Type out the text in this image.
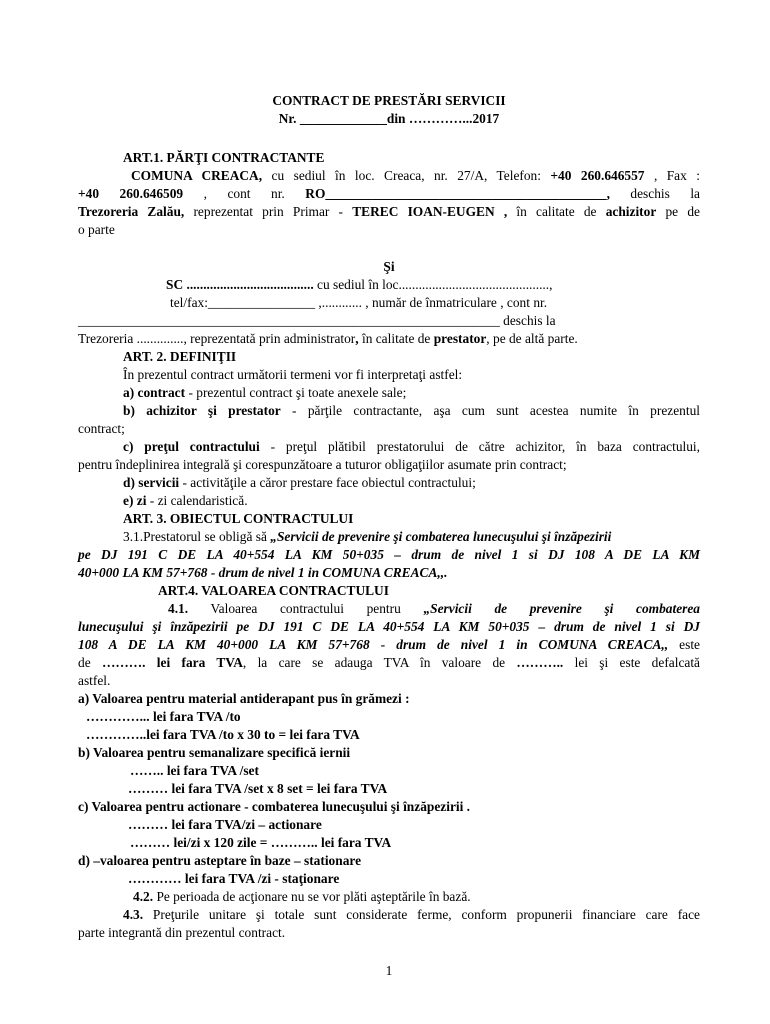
CONTRACT DE PRESTĂRI SERVICII
Nr. _____________din …………...2017
ART.1. PĂRŢI CONTRACTANTE
COMUNA CREACA, cu sediul în loc. Creaca, nr. 27/A, Telefon: +40 260.646557 , Fax :
+40 260.646509 , cont nr. RO__________________________________________, deschis la
Trezoreria Zalău, reprezentat prin Primar - TEREC IOAN-EUGEN , în calitate de achizitor pe de
o parte
Şi
SC ...................................... cu sediul în loc.............................................,
tel/fax:________________ ,............ , număr de înmatriculare , cont nr.
_______________________________________________________________ deschis la
Trezoreria .............., reprezentată prin administrator, în calitate de prestator, pe de altă parte.
ART. 2. DEFINIŢII
În prezentul contract următorii termeni vor fi interpretaţi astfel:
a) contract - prezentul contract şi toate anexele sale;
b) achizitor şi prestator - părţile contractante, aşa cum sunt acestea numite în prezentul
contract;
c) preţul contractului - preţul plătibil prestatorului de către achizitor, în baza contractului,
pentru îndeplinirea integrală şi corespunzătoare a tuturor obligaţiilor asumate prin contract;
d) servicii - activităţile a căror prestare face obiectul contractului;
e) zi - zi calendaristică.
ART. 3. OBIECTUL CONTRACTULUI
3.1.Prestatorul se obligă să „Servicii de prevenire şi combaterea lunecuşului şi înzăpezirii
pe DJ 191 C DE LA 40+554 LA KM 50+035 – drum de nivel 1 si DJ 108 A DE LA KM
40+000 LA KM 57+768 - drum de nivel 1 in COMUNA CREACA,,.
ART.4. VALOAREA CONTRACTULUI
4.1. Valoarea contractului pentru „Servicii de prevenire şi combaterea
lunecuşului şi înzăpezirii pe DJ 191 C DE LA 40+554 LA KM 50+035 – drum de nivel 1 si DJ
108 A DE LA KM 40+000 LA KM 57+768 - drum de nivel 1 in COMUNA CREACA,, este
de ………. lei fara TVA, la care se adauga TVA în valoare de ……….. lei şi este defalcată
astfel.
a) Valoarea pentru material antiderapant pus în grămezi :
…………... lei fara TVA /to
…………..lei fara TVA /to x 30 to = lei fara TVA
b) Valoarea pentru semanalizare specifică iernii
…….. lei fara TVA /set
……… lei fara TVA /set x 8 set = lei fara TVA
c) Valoarea pentru actionare - combaterea lunecuşului şi înzăpezirii .
……… lei fara TVA/zi – actionare
……… lei/zi x 120 zile = ……….. lei fara TVA
d) –valoarea pentru asteptare în baze – stationare
………… lei fara TVA /zi - staţionare
4.2. Pe perioada de acţionare nu se vor plăti aşteptările în bază.
4.3. Preţurile unitare şi totale sunt considerate ferme, conform propunerii financiare care face
parte integrantă din prezentul contract.
1
